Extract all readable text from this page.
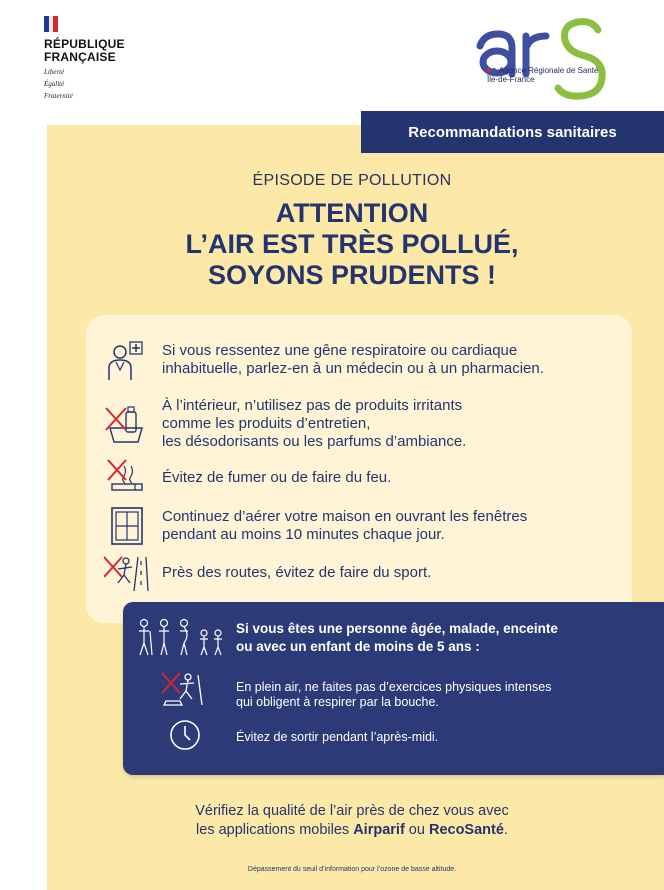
RÉPUBLIQUE
FRANÇAISE
Liberté
Égalité
Fraternité
Agence Régionale de Santé
Île-de-France
Recommandations sanitaires
ÉPISODE DE POLLUTION
ATTENTION
L’AIR EST TRÈS POLLUÉ,
SOYONS PRUDENTS !
Si vous ressentez une gêne respiratoire ou cardiaque
inhabituelle, parlez-en à un médecin ou à un pharmacien.
À l’intérieur, n’utilisez pas de produits irritants
comme les produits d’entretien,
les désodorisants ou les parfums d’ambiance.
Évitez de fumer ou de faire du feu.
Continuez d’aérer votre maison en ouvrant les fenêtres
pendant au moins 10 minutes chaque jour.
Près des routes, évitez de faire du sport.
Si vous êtes une personne âgée, malade, enceinte
ou avec un enfant de moins de 5 ans :
En plein air, ne faites pas d’exercices physiques intenses
qui obligent à respirer par la bouche.
Évitez de sortir pendant l’après-midi.
Vérifiez la qualité de l’air près de chez vous avec
les applications mobiles Airparif ou RecoSanté.
Dépassement du seuil d’information pour l’ozone de basse altitude.
